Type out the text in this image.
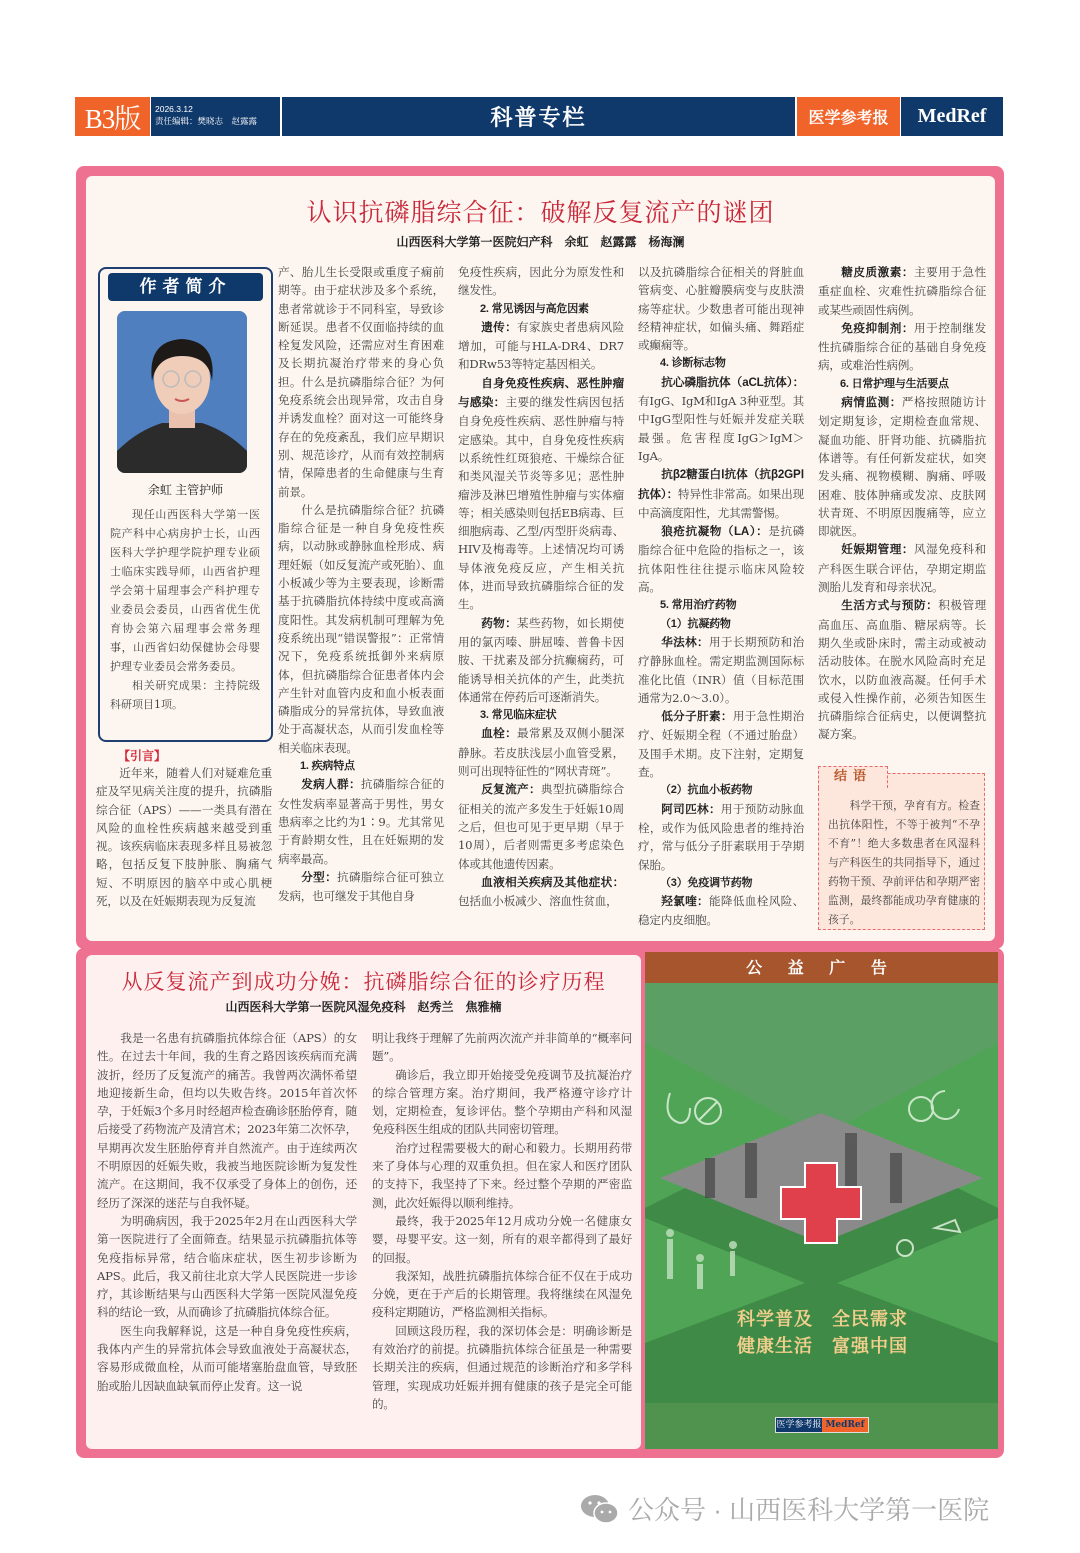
B3版	2026.3.12
责任编辑：樊晓志　赵露露	科普专栏	医学参考报	MedRef
认识抗磷脂综合征：破解反复流产的谜团
山西医科大学第一医院妇产科　余虹　赵露露　杨海澜
作者简介
余虹 主管护师

现任山西医科大学第一医院产科中心病房护士长，山西医科大学护理学院护理专业硕士临床实践导师，山西省护理学会第十届理事会产科护理专业委员会委员，山西省优生优育协会第六届理事会常务理事，山西省妇幼保健协会母婴护理专业委员会常务委员。

相关研究成果：主持院级科研项目1项。

【引言】

近年来，随着人们对疑难危重症及罕见病关注度的提升，抗磷脂综合征（APS）——一类具有潜在风险的血栓性疾病越来越受到重视。该疾病临床表现多样且易被忽略，包括反复下肢肿胀、胸痛气短、不明原因的脑卒中或心肌梗死，以及在妊娠期表现为反复流

产、胎儿生长受限或重度子痫前期等。由于症状涉及多个系统，患者常就诊于不同科室，导致诊断延误。患者不仅面临持续的血栓复发风险，还需应对生育困难及长期抗凝治疗带来的身心负担。什么是抗磷脂综合征？为何免疫系统会出现异常，攻击自身并诱发血栓？面对这一可能终身存在的免疫紊乱，我们应早期识别、规范诊疗，从而有效控制病情，保障患者的生命健康与生育前景。

什么是抗磷脂综合征？抗磷脂综合征是一种自身免疫性疾病，以动脉或静脉血栓形成、病理妊娠（如反复流产或死胎）、血小板减少等为主要表现，诊断需基于抗磷脂抗体持续中度或高滴度阳性。其发病机制可理解为免疫系统出现“错误警报”：正常情况下，免疫系统抵御外来病原体，但抗磷脂综合征患者体内会产生针对血管内皮和血小板表面磷脂成分的异常抗体，导致血液处于高凝状态，从而引发血栓等相关临床表现。

1. 疾病特点

发病人群：抗磷脂综合征的女性发病率显著高于男性，男女患病率之比约为1∶9。尤其常见于育龄期女性，且在妊娠期的发病率最高。

分型：抗磷脂综合征可独立发病，也可继发于其他自身

免疫性疾病，因此分为原发性和继发性。

2. 常见诱因与高危因素

遗传：有家族史者患病风险增加，可能与HLA-DR4、DR7和DRw53等特定基因相关。

自身免疫性疾病、恶性肿瘤与感染：主要的继发性病因包括自身免疫性疾病、恶性肿瘤与特定感染。其中，自身免疫性疾病以系统性红斑狼疮、干燥综合征和类风湿关节炎等多见；恶性肿瘤涉及淋巴增殖性肿瘤与实体瘤等；相关感染则包括EB病毒、巨细胞病毒、乙型/丙型肝炎病毒、HIV及梅毒等。上述情况均可诱导体液免疫反应，产生相关抗体，进而导致抗磷脂综合征的发生。

药物：某些药物，如长期使用的氯丙嗪、肼屈嗪、普鲁卡因胺、干扰素及部分抗癫痫药，可能诱导相关抗体的产生，此类抗体通常在停药后可逐渐消失。

3. 常见临床症状

血栓：最常累及双侧小腿深静脉。若皮肤浅层小血管受累，则可出现特征性的“网状青斑”。

反复流产：典型抗磷脂综合征相关的流产多发生于妊娠10周之后，但也可见于更早期（早于10周），后者则需更多考虑染色体或其他遗传因素。

血液相关疾病及其他症状：包括血小板减少、溶血性贫血，

以及抗磷脂综合征相关的肾脏血管病变、心脏瓣膜病变与皮肤溃疡等症状。少数患者可能出现神经精神症状，如偏头痛、舞蹈症或癫痫等。

4. 诊断标志物

抗心磷脂抗体（aCL抗体）：有IgG、IgM和IgA 3种亚型。其中IgG型阳性与妊娠并发症关联最强。危害程度IgG＞IgM＞IgA。

抗β2糖蛋白Ⅰ抗体（抗β2GPⅠ抗体）：特异性非常高。如果出现中高滴度阳性，尤其需警惕。

狼疮抗凝物（LA）：是抗磷脂综合征中危险的指标之一，该抗体阳性往往提示临床风险较高。

5. 常用治疗药物

（1）抗凝药物

华法林：用于长期预防和治疗静脉血栓。需定期监测国际标准化比值（INR）值（目标范围通常为2.0～3.0）。

低分子肝素：用于急性期治疗、妊娠期全程（不通过胎盘）及围手术期。皮下注射，定期复查。

（2）抗血小板药物

阿司匹林：用于预防动脉血栓，或作为低风险患者的维持治疗，常与低分子肝素联用于孕期保胎。

（3）免疫调节药物

羟氯喹：能降低血栓风险、稳定内皮细胞。

糖皮质激素：主要用于急性重症血栓、灾难性抗磷脂综合征或某些顽固性病例。

免疫抑制剂：用于控制继发性抗磷脂综合征的基础自身免疫病，或难治性病例。

6. 日常护理与生活要点

病情监测：严格按照随访计划定期复诊，定期检查血常规、凝血功能、肝肾功能、抗磷脂抗体谱等。有任何新发症状，如突发头痛、视物模糊、胸痛、呼吸困难、肢体肿痛或发凉、皮肤网状青斑、不明原因腹痛等，应立即就医。

妊娠期管理：风湿免疫科和产科医生联合评估，孕期定期监测胎儿发育和母亲状况。

生活方式与预防：积极管理高血压、高血脂、糖尿病等。长期久坐或卧床时，需主动或被动活动肢体。在脱水风险高时充足饮水，以防血液高凝。任何手术或侵入性操作前，必须告知医生抗磷脂综合征病史，以便调整抗凝方案。

结语
科学干预，孕育有方。检查出抗体阳性，不等于被判“不孕不育”！绝大多数患者在风湿科与产科医生的共同指导下，通过药物干预、孕前评估和孕期严密监测，最终都能成功孕育健康的孩子。
从反复流产到成功分娩：抗磷脂综合征的诊疗历程
山西医科大学第一医院风湿免疫科　赵秀兰　焦雅楠

我是一名患有抗磷脂抗体综合征（APS）的女性。在过去十年间，我的生育之路因该疾病而充满波折，经历了反复流产的痛苦。我曾两次满怀希望地迎接新生命，但均以失败告终。2015年首次怀孕，于妊娠3个多月时经超声检查确诊胚胎停育，随后接受了药物流产及清宫术；2023年第二次怀孕，早期再次发生胚胎停育并自然流产。由于连续两次不明原因的妊娠失败，我被当地医院诊断为复发性流产。在这期间，我不仅承受了身体上的创伤，还经历了深深的迷茫与自我怀疑。

为明确病因，我于2025年2月在山西医科大学第一医院进行了全面筛查。结果显示抗磷脂抗体等免疫指标异常，结合临床症状，医生初步诊断为APS。此后，我又前往北京大学人民医院进一步诊疗，其诊断结果与山西医科大学第一医院风湿免疫科的结论一致，从而确诊了抗磷脂抗体综合征。

医生向我解释说，这是一种自身免疫性疾病，我体内产生的异常抗体会导致血液处于高凝状态，容易形成微血栓，从而可能堵塞胎盘血管，导致胚胎或胎儿因缺血缺氧而停止发育。这一说

明让我终于理解了先前两次流产并非简单的“概率问题”。

确诊后，我立即开始接受免疫调节及抗凝治疗的综合管理方案。治疗期间，我严格遵守诊疗计划，定期检查，复诊评估。整个孕期由产科和风湿免疫科医生组成的团队共同密切管理。

治疗过程需要极大的耐心和毅力。长期用药带来了身体与心理的双重负担。但在家人和医疗团队的支持下，我坚持了下来。经过整个孕期的严密监测，此次妊娠得以顺利维持。

最终，我于2025年12月成功分娩一名健康女婴，母婴平安。这一刻，所有的艰辛都得到了最好的回报。

我深知，战胜抗磷脂抗体综合征不仅在于成功分娩，更在于产后的长期管理。我将继续在风湿免疫科定期随访，严格监测相关指标。

回顾这段历程，我的深切体会是：明确诊断是有效治疗的前提。抗磷脂抗体综合征虽是一种需要长期关注的疾病，但通过规范的诊断治疗和多学科管理，实现成功妊娠并拥有健康的孩子是完全可能的。

公 益 广 告
科学普及　全民需求
健康生活　富强中国
医学参考报 MedRef
公众号 · 山西医科大学第一医院
